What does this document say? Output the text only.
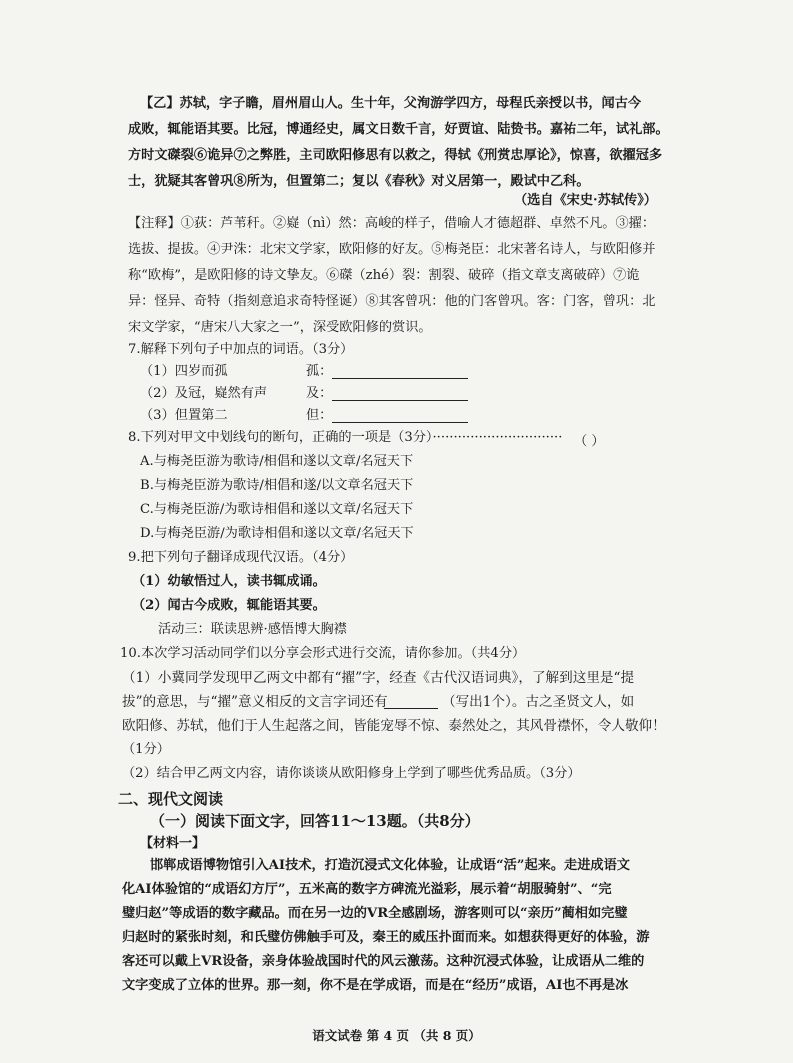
【乙】苏轼，字子瞻，眉州眉山人。生十年，父洵游学四方，母程氏亲授以书，闻古今
成败，辄能语其要。比冠，博通经史，属文日数千言，好贾谊、陆贽书。嘉祐二年，试礼部。
方时文磔裂⑥诡异⑦之弊胜，主司欧阳修思有以救之，得轼《刑赏忠厚论》，惊喜，欲擢冠多
士，犹疑其客曾巩⑧所为，但置第二；复以《春秋》对义居第一，殿试中乙科。
（选自《宋史·苏轼传》）
【注释】①荻：芦苇秆。②嶷（nì）然：高峻的样子，借喻人才德超群、卓然不凡。③擢：
选拔、提拔。④尹洙：北宋文学家，欧阳修的好友。⑤梅尧臣：北宋著名诗人，与欧阳修并
称“欧梅”，是欧阳修的诗文挚友。⑥磔（zhé）裂：割裂、破碎（指文章支离破碎）⑦诡
异：怪异、奇特（指刻意追求奇特怪诞）⑧其客曾巩：他的门客曾巩。客：门客，曾巩：北
宋文学家，“唐宋八大家之一”，深受欧阳修的赏识。
7.解释下列句子中加点的词语。（3分）
（1）四岁而孤	孤：
（2）及冠，嶷然有声	及：
（3）但置第二	但：
8.下列对甲文中划线句的断句，正确的一项是（3分）······························· （ ）
A.与梅尧臣游为歌诗/相倡和遂以文章/名冠天下
B.与梅尧臣游为歌诗/相倡和遂/以文章名冠天下
C.与梅尧臣游/为歌诗相倡和遂以文章/名冠天下
D.与梅尧臣游/为歌诗相倡和遂以文章/名冠天下
9.把下列句子翻译成现代汉语。（4分）
（1）幼敏悟过人，读书辄成诵。
（2）闻古今成败，辄能语其要。
活动三：联读思辨·感悟博大胸襟
10.本次学习活动同学们以分享会形式进行交流，请你参加。（共4分）
（1）小冀同学发现甲乙两文中都有“擢”字，经查《古代汉语词典》，了解到这里是“提
拔”的意思，与“擢”意义相反的文言字词还有	（写出1个）。古之圣贤文人，如
欧阳修、苏轼，他们于人生起落之间，皆能宠辱不惊、泰然处之，其风骨襟怀，令人敬仰！
（1分）
（2）结合甲乙两文内容，请你谈谈从欧阳修身上学到了哪些优秀品质。（3分）
二、现代文阅读
（一）阅读下面文字，回答11～13题。（共8分）
【材料一】
邯郸成语博物馆引入AI技术，打造沉浸式文化体验，让成语“活”起来。走进成语文
化AI体验馆的“成语幻方厅”，五米高的数字方碑流光溢彩，展示着“胡服骑射”、“完
璧归赵”等成语的数字藏品。而在另一边的VR全感剧场，游客则可以“亲历”蔺相如完璧
归赵时的紧张时刻，和氏璧仿佛触手可及，秦王的威压扑面而来。如想获得更好的体验，游
客还可以戴上VR设备，亲身体验战国时代的风云激荡。这种沉浸式体验，让成语从二维的
文字变成了立体的世界。那一刻，你不是在学成语，而是在“经历”成语，AI也不再是冰
语文试卷 第 4 页 （共 8 页）
